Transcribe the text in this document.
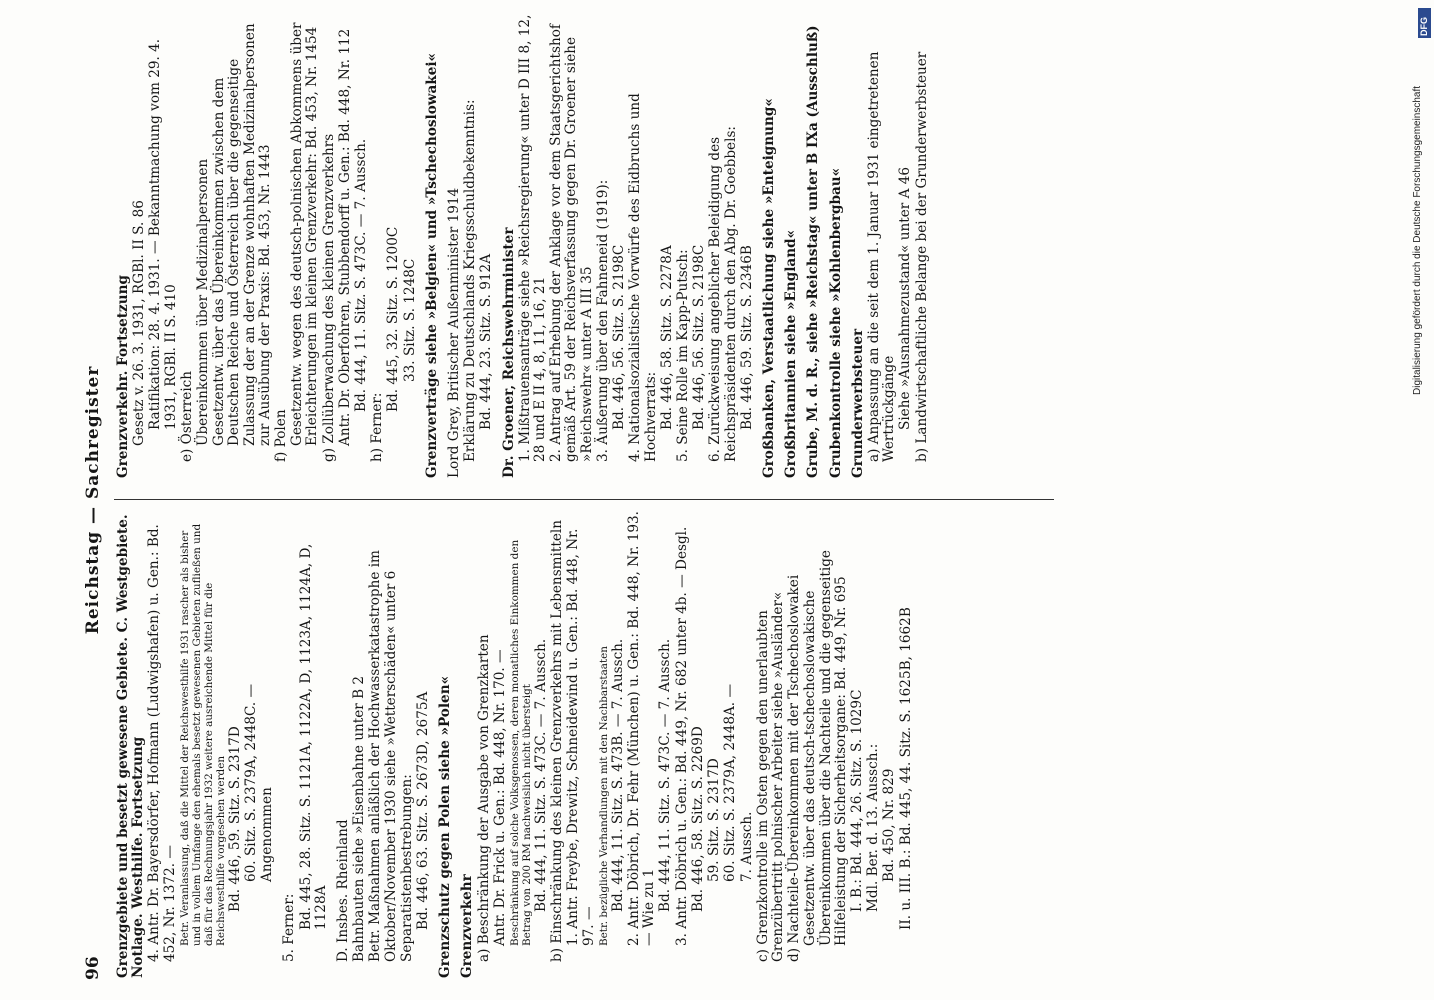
96
Reichstag — Sachregister
Grenzgebiete und besetzt gewesene Gebiete. C. Westgebiete. Notlage. Westhilfe. Fortsetzung 4. Antr. Dr. Bayersdörfer, Hofmann (Ludwigshafen) u. Gen.: Bd. 452, Nr. 1372. — Betr. Veranlassung, daß die Mittel der Reichswesthilfe 1931 rascher als bisher und in vollem Umfange den ehemals besetzt gewesenen Gebieten zufließen und daß für das Rechnungsjahr 1932 weitere ausreichende Mittel für die Reichswesthilfe vorgesehen werden Bd. 446, 59. Sitz. S. 2317D 60. Sitz. S. 2379A, 2448C. — Angenommen
5. Ferner: Bd. 445, 28. Sitz. S. 1121A, 1122A, D, 1123A, 1124A, D, 1128A D. Insbes. Rheinland Bahnbauten siehe »Eisenbahne unter B 2 Betr. Maßnahmen anläßlich der Hochwasserkatastrophe im Oktober/November 1930 siehe »Wetterschäden« unter 6 Separatistenbestrebungen: Bd. 446, 63. Sitz. S. 2673D, 2675A Grenzschutz gegen Polen siehe »Polen« Grenzverkehr a) Beschränkung der Ausgabe von Grenzkarten Antr. Dr. Frick u. Gen.: Bd. 448, Nr. 170. — Beschränkung auf solche Volksgenossen, deren monatliches Einkommen den Betrag von 200 RM nachweislich nicht übersteigt Bd. 444, 11. Sitz. S. 473C. — 7. Aussch. b) Einschränkung des kleinen Grenzverkehrs mit Lebensmitteln 1. Antr. Freybe, Drewitz, Schneidewind u. Gen.: Bd. 448, Nr. 97. — Betr. bezügliche Verhandlungen mit den Nachbarstaaten Bd. 444, 11. Sitz. S. 473B. — 7. Aussch. 2. Antr. Döbrich, Dr. Fehr (München) u. Gen.: Bd. 448, Nr. 193. — Wie zu 1 Bd. 444, 11. Sitz. S. 473C. — 7. Aussch. 3. Antr. Döbrich u. Gen.: Bd. 449, Nr. 682 unter 4b. — Desgl. Bd. 446, 58. Sitz. S. 2269D 59. Sitz. S. 2317D 60. Sitz. S. 2379A, 2448A. — 7. Aussch. c) Grenzkontrolle im Osten gegen den unerlaubten Grenzübertritt polnischer Arbeiter siehe »Ausländer« d) Nachteile-Übereinkommen mit der Tschechoslowakei Gesetzentw. über das deutsch-tschechoslowakische Übereinkommen über die Nachteile und die gegenseitige Hilfeleistung der Sicherheitsorgane: Bd. 449, Nr. 695 I. B.: Bd. 444, 26. Sitz. S. 1029C Mdl. Ber. d. 13. Aussch.: Bd. 450, Nr. 829 II. u. III. B.: Bd. 445, 44. Sitz. S. 1625B, 1662B
Grenzverkehr. Fortsetzung Gesetz v. 26. 3. 1931, RGBl. II S. 86 Ratifikation: 28. 4. 1931. — Bekanntmachung vom 29. 4. 1931, RGBl. II S. 410 e) Österreich Übereinkommen über Medizinalpersonen Gesetzentw. über das Übereinkommen zwischen dem Deutschen Reiche und Österreich über die gegenseitige Zulassung der an der Grenze wohnhaften Medizinalpersonen zur Ausübung der Praxis: Bd. 453, Nr. 1443 f) Polen Gesetzentw. wegen des deutsch-polnischen Abkommens über Erleichterungen im kleinen Grenzverkehr: Bd. 453, Nr. 1454 g) Zollüberwachung des kleinen Grenzverkehrs Antr. Dr. Oberfohren, Stubbendorff u. Gen.: Bd. 448, Nr. 112 Bd. 444, 11. Sitz. S. 473C. — 7. Aussch.
h) Ferner:
Bd. 445, 32. Sitz. S. 1200C 33. Sitz. S. 1248C Grenzverträge siehe »Belgien« und »Tschechoslowakei« Lord Grey, Britischer Außenminister 1914 Erklärung zu Deutschlands Kriegsschuldbekenntnis: Bd. 444, 23. Sitz. S. 912A Dr. Groener, Reichswehrminister 1. Mißtrauensanträge siehe »Reichsregierung« unter D III 8, 12, 28 und E II 4, 8, 11, 16, 21 2. Antrag auf Erhebung der Anklage vor dem Staatsgerichtshof gemäß Art. 59 der Reichsverfassung gegen Dr. Groener siehe »Reichswehr« unter A III 35 3. Äußerung über den Fahneneid (1919): Bd. 446, 56. Sitz. S. 2198C 4. Nationalsozialistische Vorwürfe des Eidbruchs und Hochverrats: Bd. 446, 58. Sitz. S. 2278A 5. Seine Rolle im Kapp-Putsch: Bd. 446, 56. Sitz. S. 2198C 6. Zurückweisung angeblicher Beleidigung des Reichspräsidenten durch den Abg. Dr. Goebbels: Bd. 446, 59. Sitz. S. 2346B Großbanken, Verstaatlichung siehe »Enteignung« Großbritannien siehe »England« Grube, M. d. R., siehe »Reichstag« unter B IXa (Ausschluß) Grubenkontrolle siehe »Kohlenbergbau« Grunderwerbsteuer a) Anpassung an die seit dem 1. Januar 1931 eingetretenen Wertrückgänge Siehe »Ausnahmezustand« unter A 46 b) Landwirtschaftliche Belange bei der Grunderwerbsteuer	Digitalisierung gefördert durch die Deutsche Forschungsgemeinschaft
DFG
